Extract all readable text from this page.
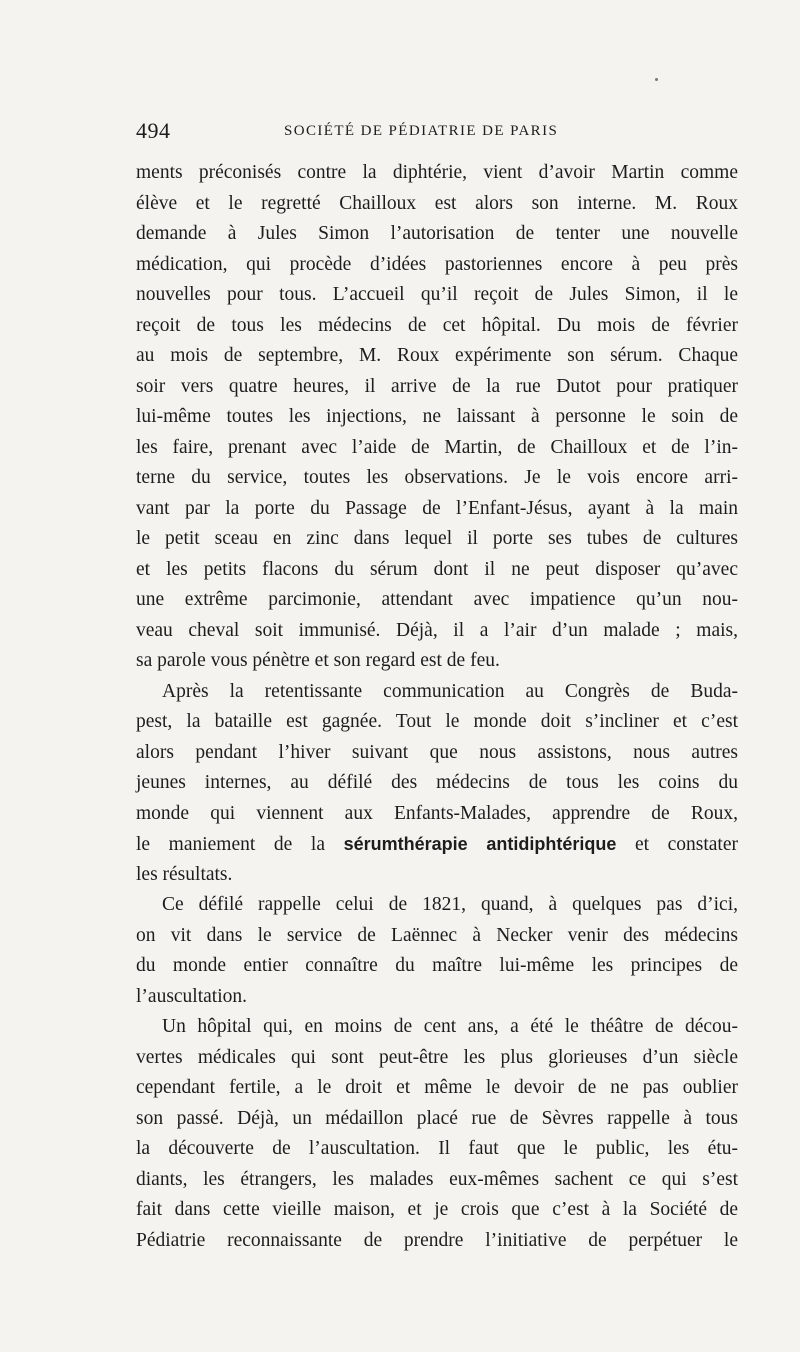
494	SOCIÉTÉ DE PÉDIATRIE DE PARIS
ments préconisés contre la diphtérie, vient d’avoir Martin comme
élève et le regretté Chailloux est alors son interne. M. Roux
demande à Jules Simon l’autorisation de tenter une nouvelle
médication, qui procède d’idées pastoriennes encore à peu près
nouvelles pour tous. L’accueil qu’il reçoit de Jules Simon, il le
reçoit de tous les médecins de cet hôpital. Du mois de février
au mois de septembre, M. Roux expérimente son sérum. Chaque
soir vers quatre heures, il arrive de la rue Dutot pour pratiquer
lui-même toutes les injections, ne laissant à personne le soin de
les faire, prenant avec l’aide de Martin, de Chailloux et de l’in-
terne du service, toutes les observations. Je le vois encore arri-
vant par la porte du Passage de l’Enfant-Jésus, ayant à la main
le petit sceau en zinc dans lequel il porte ses tubes de cultures
et les petits flacons du sérum dont il ne peut disposer qu’avec
une extrême parcimonie, attendant avec impatience qu’un nou-
veau cheval soit immunisé. Déjà, il a l’air d’un malade ; mais,
sa parole vous pénètre et son regard est de feu.
Après la retentissante communication au Congrès de Buda-
pest, la bataille est gagnée. Tout le monde doit s’incliner et c’est
alors pendant l’hiver suivant que nous assistons, nous autres
jeunes internes, au défilé des médecins de tous les coins du
monde qui viennent aux Enfants-Malades, apprendre de Roux,
le maniement de la sérumthérapie antidiphtérique et constater
les résultats.
Ce défilé rappelle celui de 1821, quand, à quelques pas d’ici,
on vit dans le service de Laënnec à Necker venir des médecins
du monde entier connaître du maître lui-même les principes de
l’auscultation.
Un hôpital qui, en moins de cent ans, a été le théâtre de décou-
vertes médicales qui sont peut-être les plus glorieuses d’un siècle
cependant fertile, a le droit et même le devoir de ne pas oublier
son passé. Déjà, un médaillon placé rue de Sèvres rappelle à tous
la découverte de l’auscultation. Il faut que le public, les étu-
diants, les étrangers, les malades eux-mêmes sachent ce qui s’est
fait dans cette vieille maison, et je crois que c’est à la Société de
Pédiatrie reconnaissante de prendre l’initiative de perpétuer le
